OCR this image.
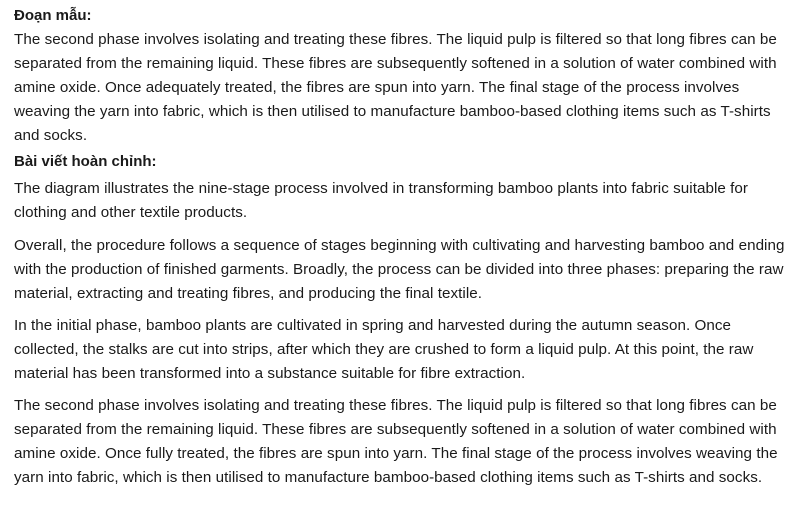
Đoạn mẫu:

The second phase involves isolating and treating these fibres. The liquid pulp is filtered so that long fibres can be separated from the remaining liquid. These fibres are subsequently softened in a solution of water combined with amine oxide. Once adequately treated, the fibres are spun into yarn. The final stage of the process involves weaving the yarn into fabric, which is then utilised to manufacture bamboo-based clothing items such as T-shirts and socks.

Bài viết hoàn chỉnh:

The diagram illustrates the nine-stage process involved in transforming bamboo plants into fabric suitable for clothing and other textile products.

Overall, the procedure follows a sequence of stages beginning with cultivating and harvesting bamboo and ending with the production of finished garments. Broadly, the process can be divided into three phases: preparing the raw material, extracting and treating fibres, and producing the final textile.

In the initial phase, bamboo plants are cultivated in spring and harvested during the autumn season. Once collected, the stalks are cut into strips, after which they are crushed to form a liquid pulp. At this point, the raw material has been transformed into a substance suitable for fibre extraction.

The second phase involves isolating and treating these fibres. The liquid pulp is filtered so that long fibres can be separated from the remaining liquid. These fibres are subsequently softened in a solution of water combined with amine oxide. Once fully treated, the fibres are spun into yarn. The final stage of the process involves weaving the yarn into fabric, which is then utilised to manufacture bamboo-based clothing items such as T-shirts and socks.
